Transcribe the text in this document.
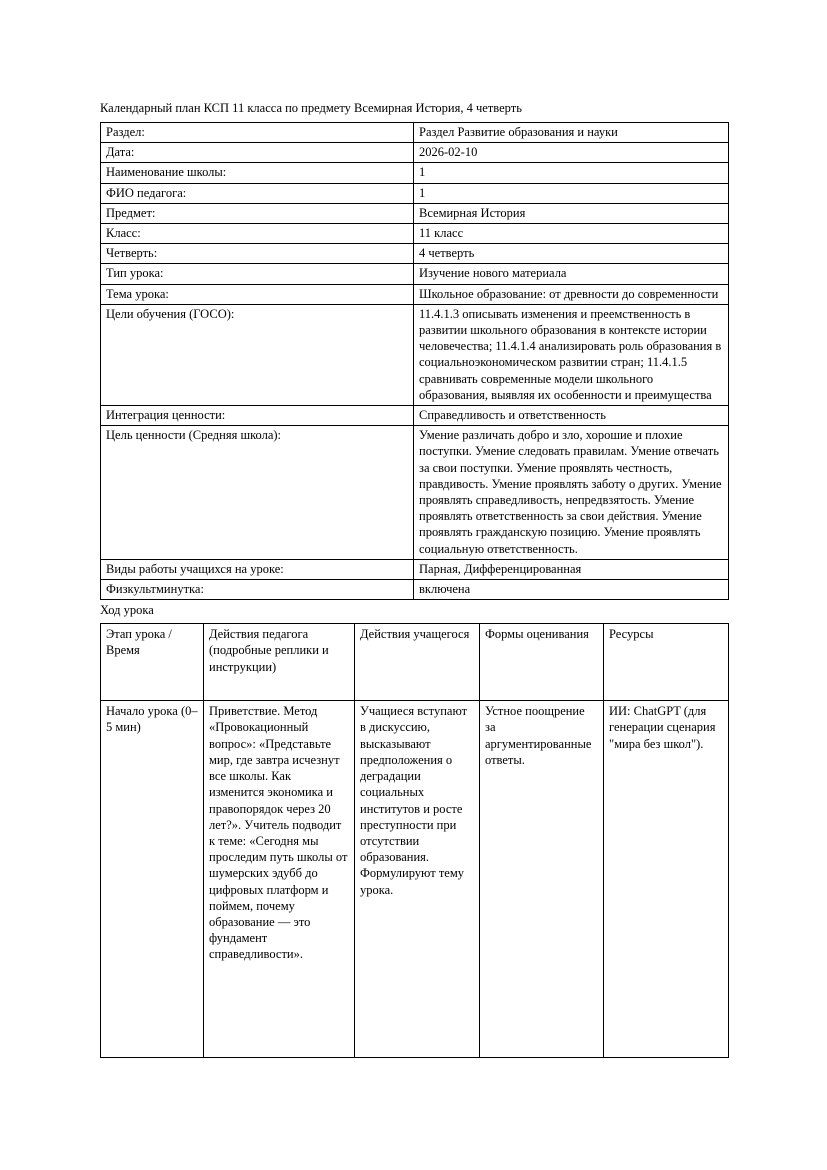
Календарный план КСП 11 класса по предмету Всемирная История, 4 четверть
Раздел:	Раздел Развитие образования и науки
Дата:	2026-02-10
Наименование школы:	1
ФИО педагога:	1
Предмет:	Всемирная История
Класс:	11 класс
Четверть:	4 четверть
Тип урока:	Изучение нового материала
Тема урока:	Школьное образование: от древности до современности
Цели обучения (ГОСО):	11.4.1.3 описывать изменения и преемственность в развитии школьного образования в контексте истории человечества; 11.4.1.4 анализировать роль образования в социальноэкономическом развитии стран; 11.4.1.5 сравнивать современные модели школьного образования, выявляя их особенности и преимущества
Интеграция ценности:	Справедливость и ответственность
Цель ценности (Средняя школа):	Умение различать добро и зло, хорошие и плохие поступки. Умение следовать правилам. Умение отвечать за свои поступки. Умение проявлять честность, правдивость. Умение проявлять заботу о других. Умение проявлять справедливость, непредвзятость. Умение проявлять ответственность за свои действия. Умение проявлять гражданскую позицию. Умение проявлять социальную ответственность.
Виды работы учащихся на уроке:	Парная, Дифференцированная
Физкультминутка:	включена
Ход урока
Этап урока / Время	Действия педагога (подробные реплики и инструкции)	Действия учащегося	Формы оценивания	Ресурсы
Начало урока (0–5 мин)	Приветствие. Метод «Провокационный вопрос»: «Представьте мир, где завтра исчезнут все школы. Как изменится экономика и правопорядок через 20 лет?». Учитель подводит к теме: «Сегодня мы проследим путь школы от шумерских эдубб до цифровых платформ и поймем, почему образование — это фундамент справедливости».	Учащиеся вступают в дискуссию, высказывают предположения о деградации социальных институтов и росте преступности при отсутствии образования. Формулируют тему урока.	Устное поощрение за аргументированные ответы.	ИИ: ChatGPT (для генерации сценария "мира без школ").
